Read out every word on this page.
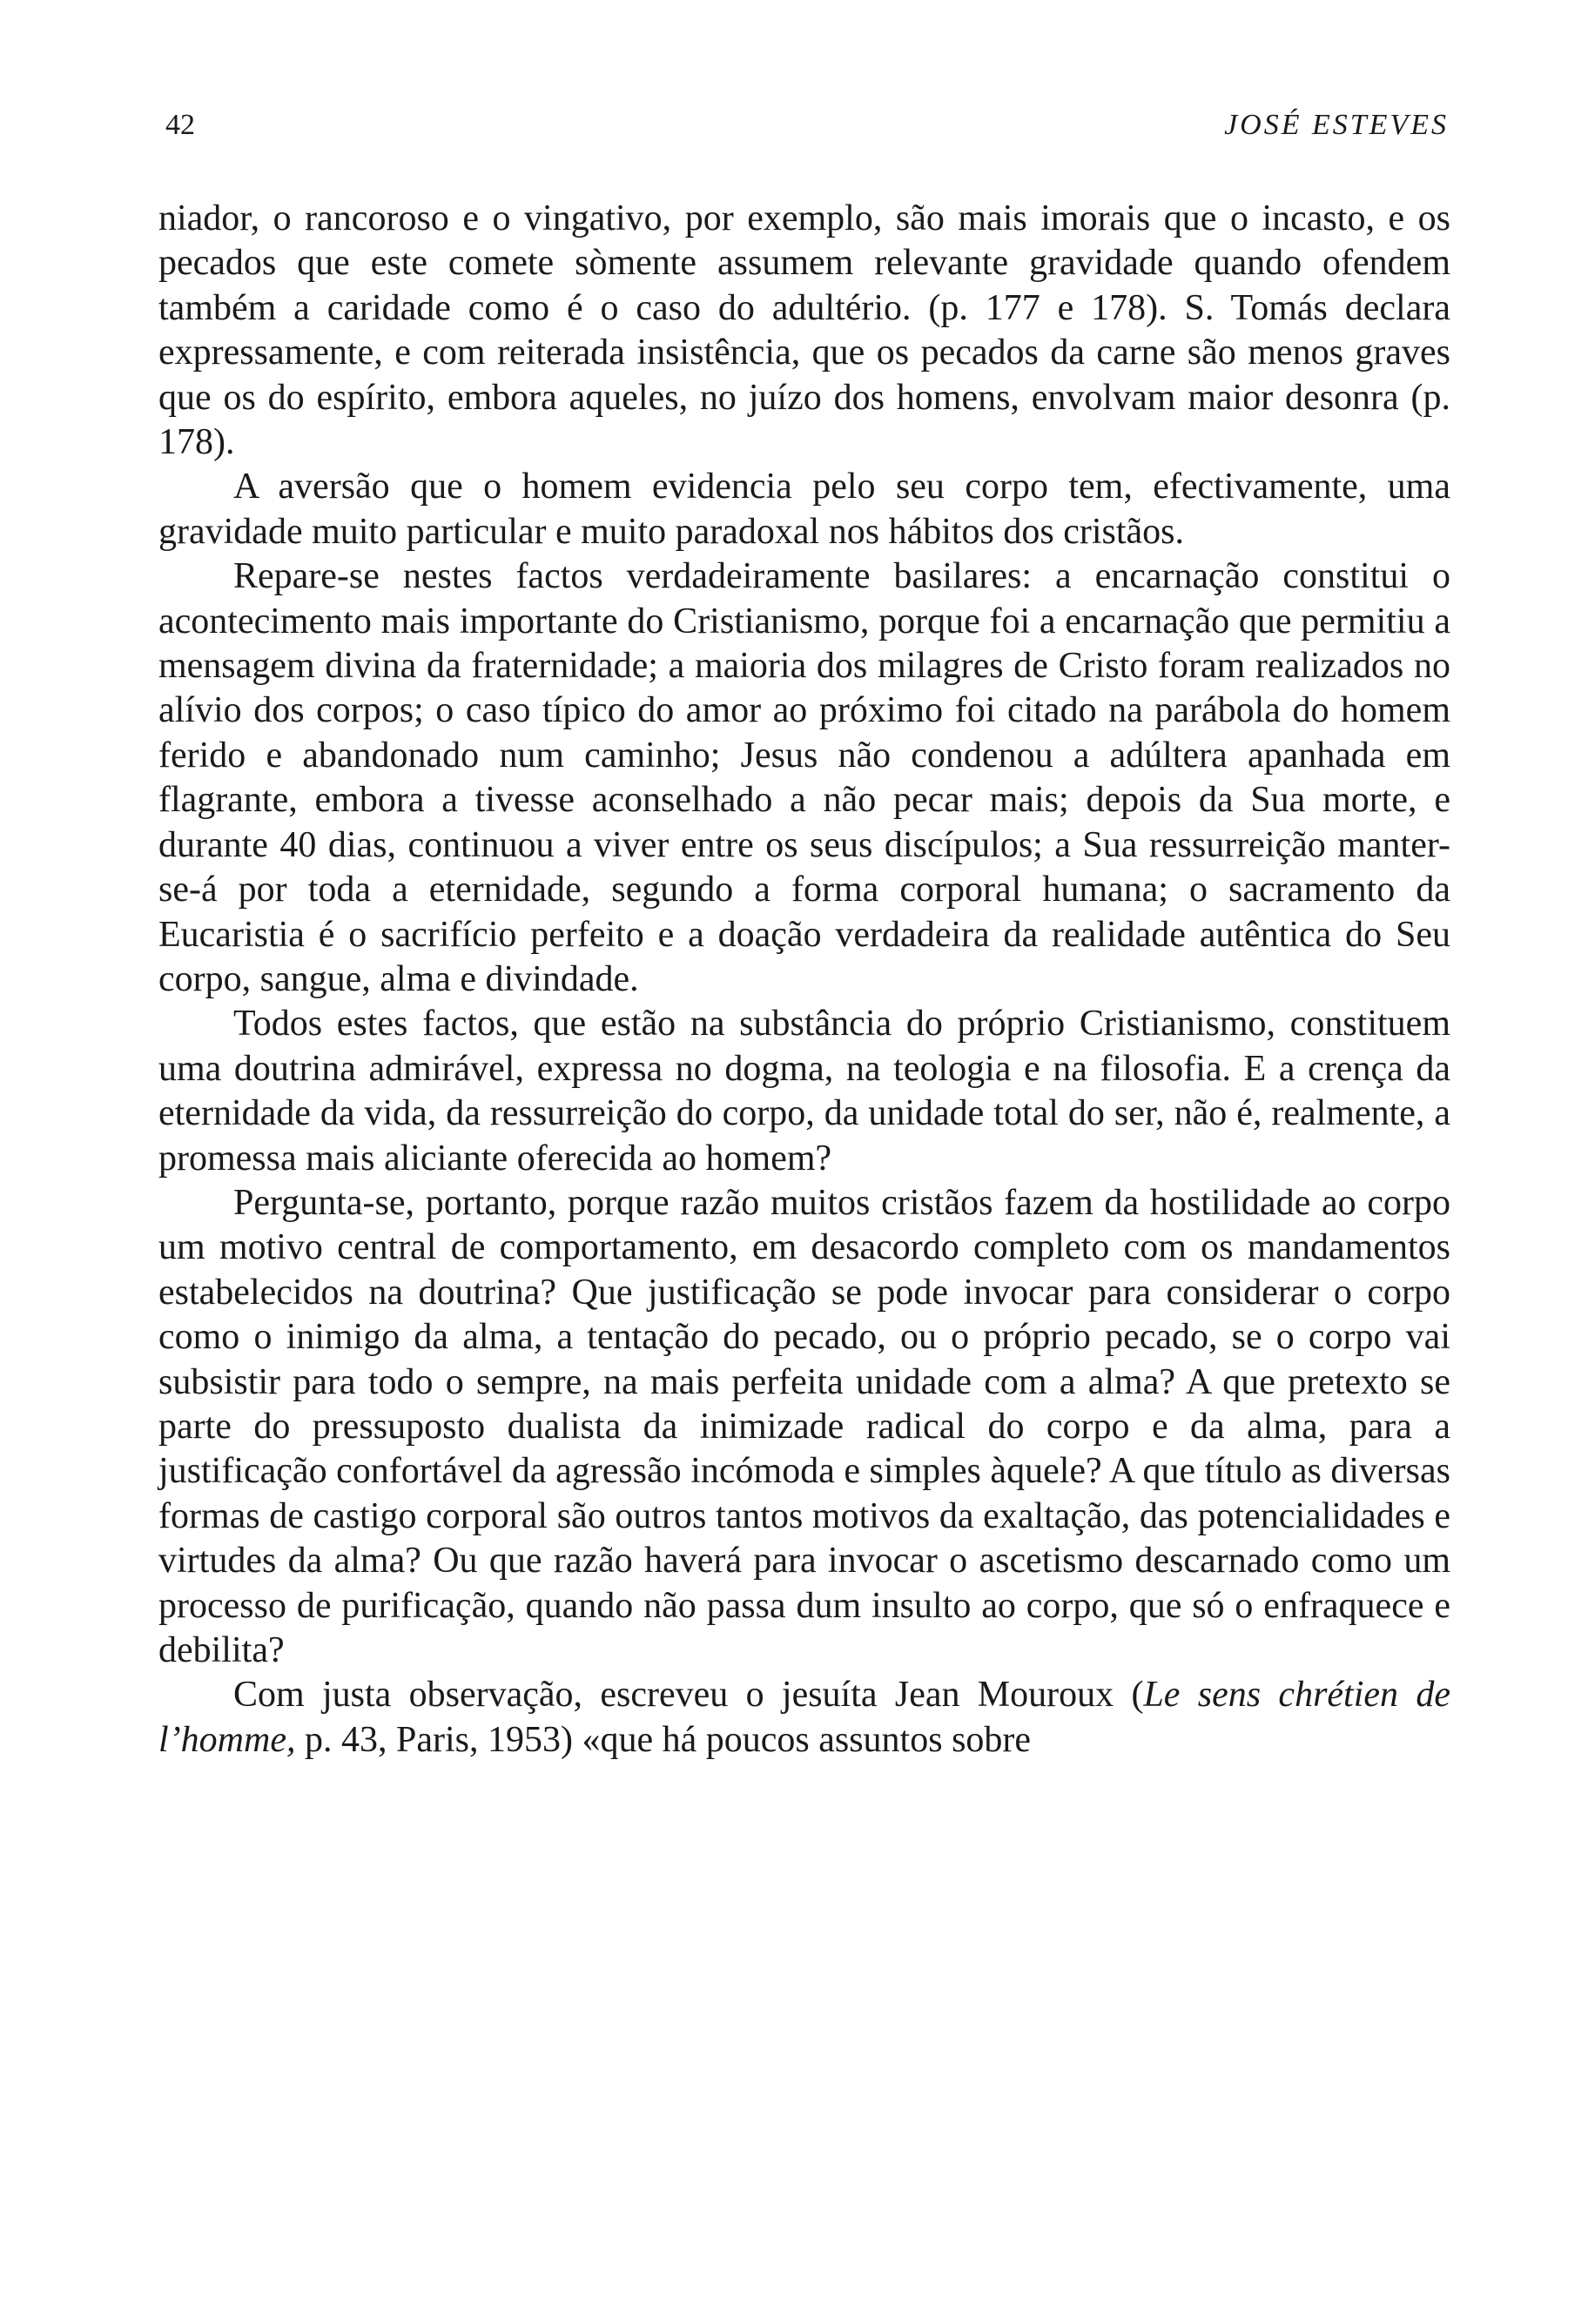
42	JOSÉ ESTEVES

niador, o rancoroso e o vingativo, por exemplo, são mais imorais que o incasto, e os pecados que este comete sòmente assumem relevante gravidade quando ofendem também a caridade como é o caso do adultério. (p. 177 e 178). S. Tomás declara expressamente, e com reiterada insistência, que os pecados da carne são menos graves que os do espírito, embora aqueles, no juízo dos homens, envolvam maior desonra (p. 178).

A aversão que o homem evidencia pelo seu corpo tem, efectivamente, uma gravidade muito particular e muito paradoxal nos hábitos dos cristãos.

Repare-se nestes factos verdadeiramente basilares: a encarnação constitui o acontecimento mais importante do Cristianismo, porque foi a encarnação que permitiu a mensagem divina da fraternidade; a maioria dos milagres de Cristo foram realizados no alívio dos corpos; o caso típico do amor ao próximo foi citado na parábola do homem ferido e abandonado num caminho; Jesus não condenou a adúltera apanhada em flagrante, embora a tivesse aconselhado a não pecar mais; depois da Sua morte, e durante 40 dias, continuou a viver entre os seus discípulos; a Sua ressurreição manter-se-á por toda a eternidade, segundo a forma corporal humana; o sacramento da Eucaristia é o sacrifício perfeito e a doação verdadeira da realidade autêntica do Seu corpo, sangue, alma e divindade.

Todos estes factos, que estão na substância do próprio Cristianismo, constituem uma doutrina admirável, expressa no dogma, na teologia e na filosofia. E a crença da eternidade da vida, da ressurreição do corpo, da unidade total do ser, não é, realmente, a promessa mais aliciante oferecida ao homem?

Pergunta-se, portanto, porque razão muitos cristãos fazem da hostilidade ao corpo um motivo central de comportamento, em desacordo completo com os mandamentos estabelecidos na doutrina? Que justificação se pode invocar para considerar o corpo como o inimigo da alma, a tentação do pecado, ou o próprio pecado, se o corpo vai subsistir para todo o sempre, na mais perfeita unidade com a alma? A que pretexto se parte do pressuposto dualista da inimizade radical do corpo e da alma, para a justificação confortável da agressão incómoda e simples àquele? A que título as diversas formas de castigo corporal são outros tantos motivos da exaltação, das potencialidades e virtudes da alma? Ou que razão haverá para invocar o ascetismo descarnado como um processo de purificação, quando não passa dum insulto ao corpo, que só o enfraquece e debilita?

Com justa observação, escreveu o jesuíta Jean Mouroux (Le sens chrétien de l’homme, p. 43, Paris, 1953) «que há poucos assuntos sobre
